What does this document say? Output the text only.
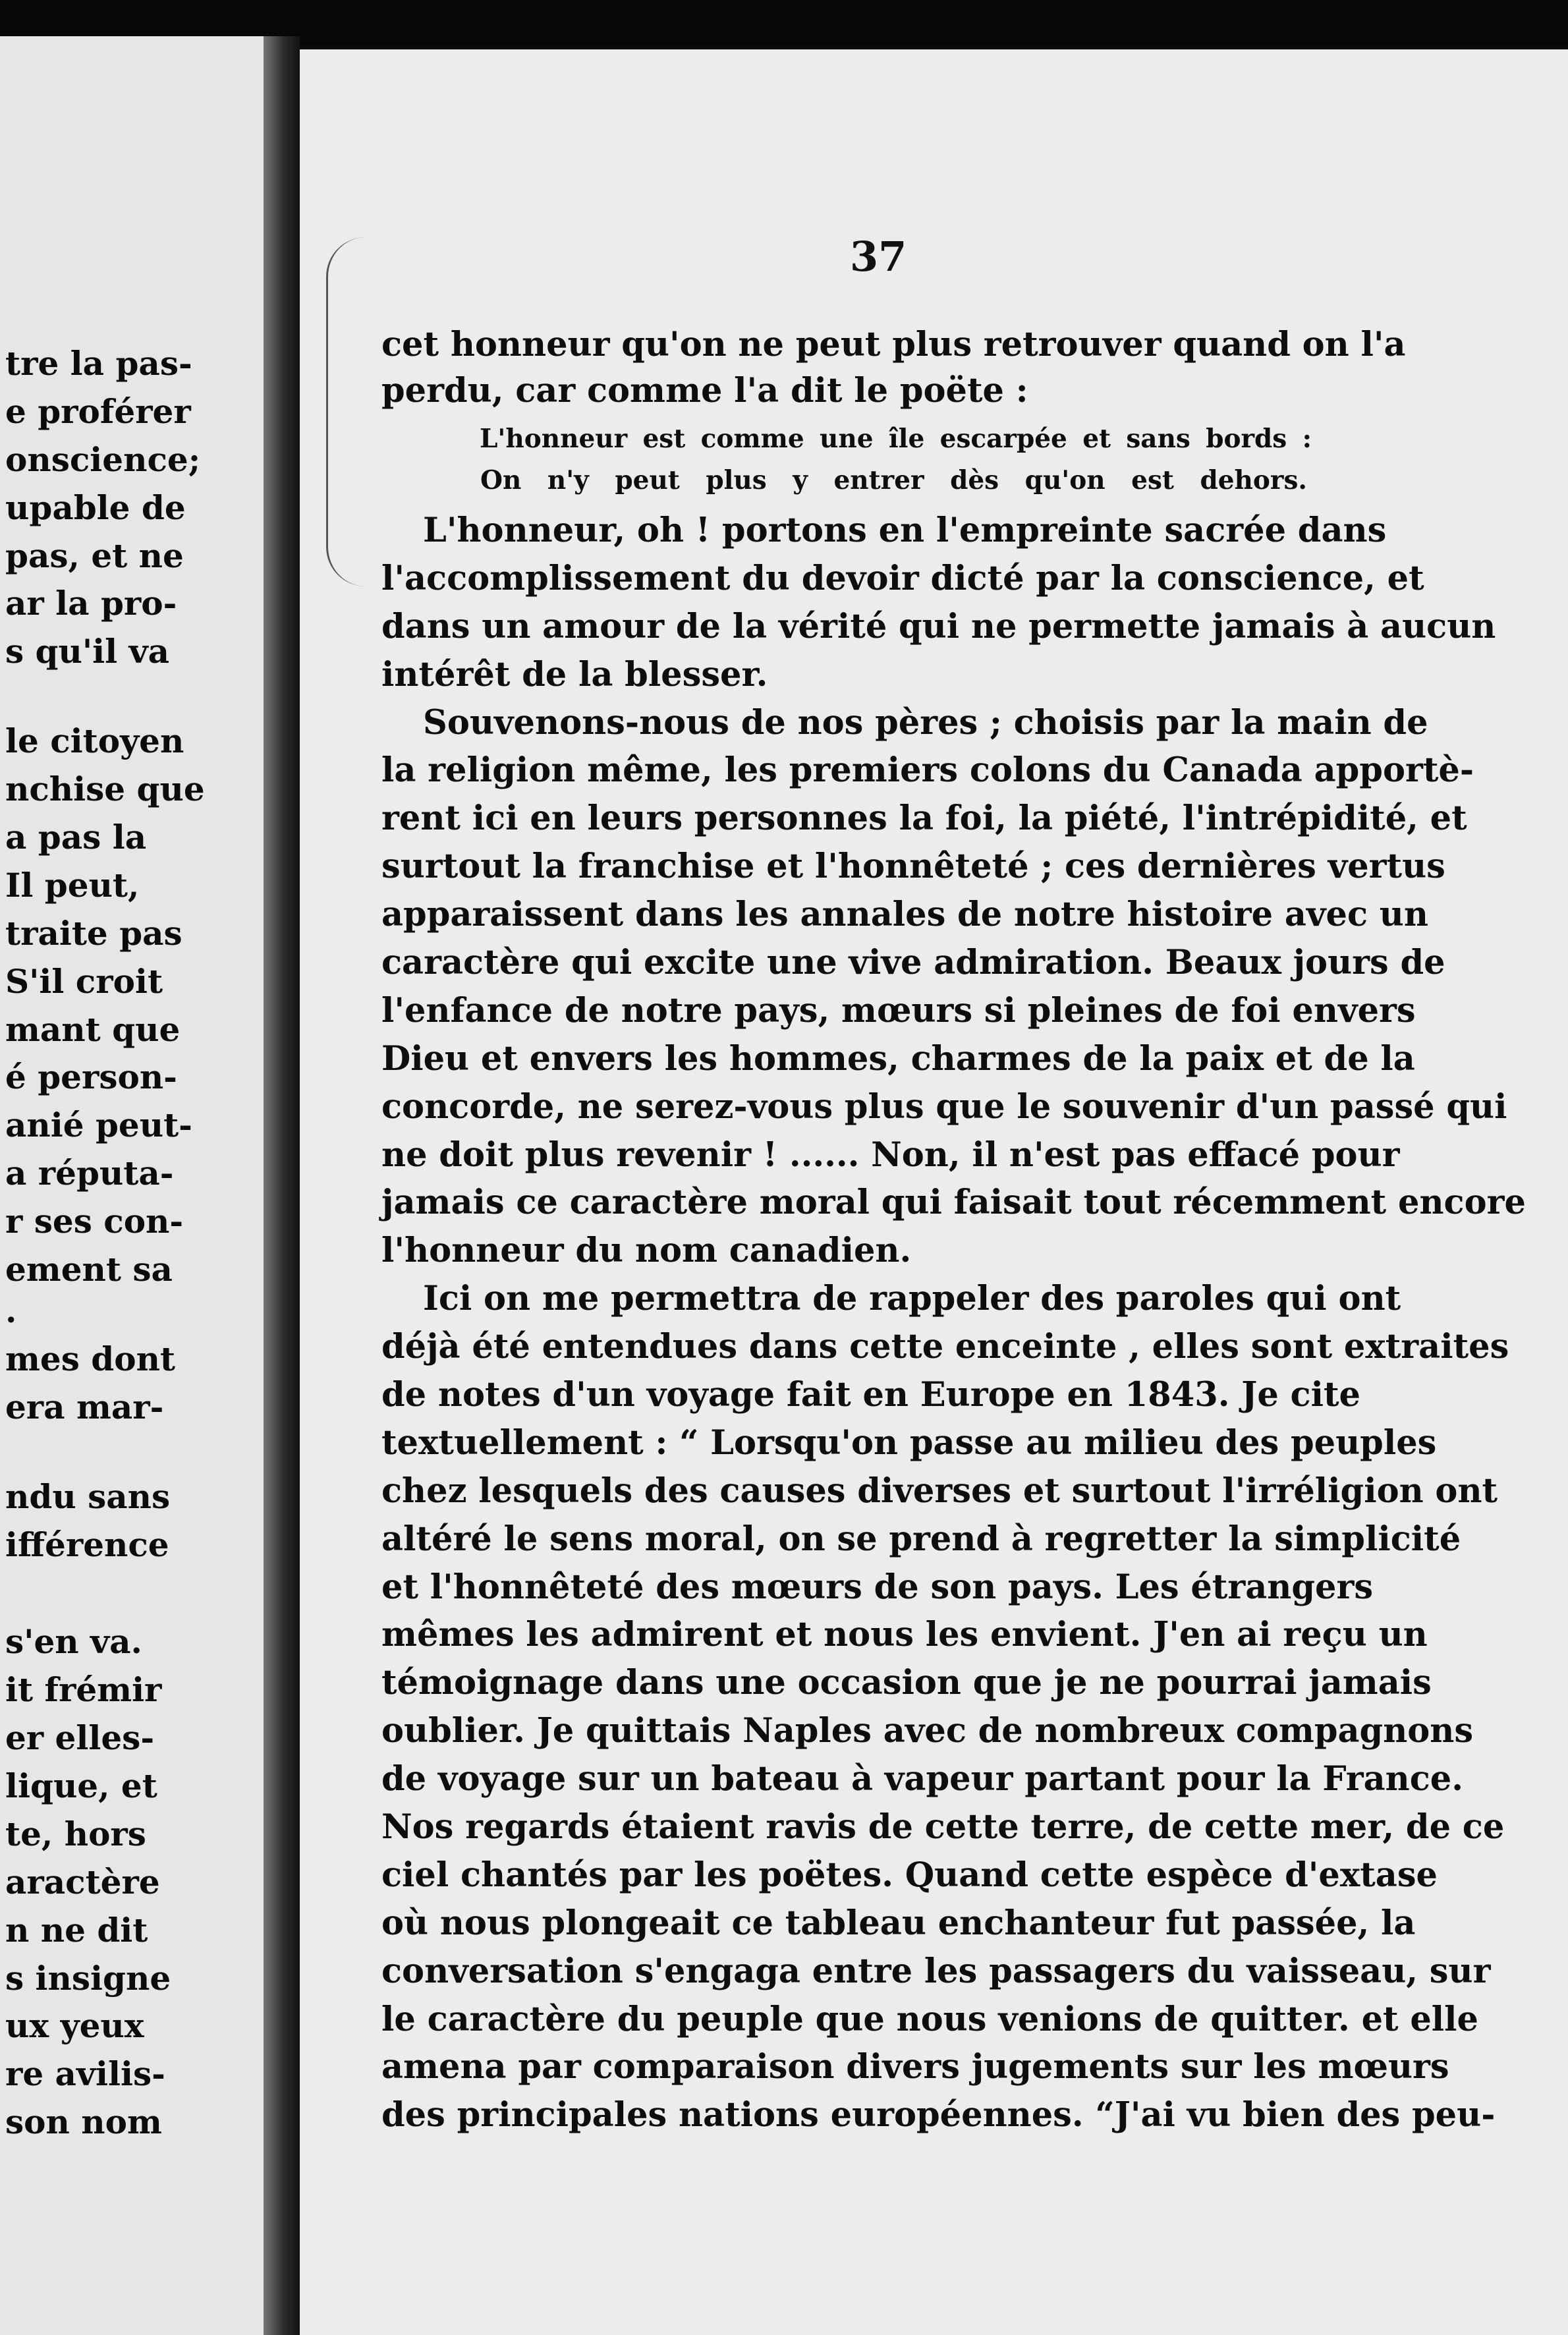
tre la pas-
e proférer
onscience;
upable de
pas, et ne
ar la pro-
s qu'il va
le citoyen
nchise que
a pas la
Il peut,
traite pas
S'il croit
mant que
é person-
anié peut-
a réputa-
r ses con-
ement sa
.
mes dont
era mar-
ndu sans
ifférence
s'en va.
it frémir
er elles-
lique, et
te, hors
aractère
n ne dit
s insigne
ux yeux
re avilis-
son nom
37
cet honneur qu'on ne peut plus retrouver quand on l'a
perdu, car comme l'a dit le poëte :
L'honneur est comme une île escarpée et sans bords :
On n'y peut plus y entrer dès qu'on est dehors.
L'honneur, oh ! portons en l'empreinte sacrée dans
l'accomplissement du devoir dicté par la conscience, et
dans un amour de la vérité qui ne permette jamais à aucun
intérêt de la blesser.
Souvenons-nous de nos pères ; choisis par la main de
la religion même, les premiers colons du Canada apportè-
rent ici en leurs personnes la foi, la piété, l'intrépidité, et
surtout la franchise et l'honnêteté ; ces dernières vertus
apparaissent dans les annales de notre histoire avec un
caractère qui excite une vive admiration. Beaux jours de
l'enfance de notre pays, mœurs si pleines de foi envers
Dieu et envers les hommes, charmes de la paix et de la
concorde, ne serez-vous plus que le souvenir d'un passé qui
ne doit plus revenir ! ...... Non, il n'est pas effacé pour
jamais ce caractère moral qui faisait tout récemment encore
l'honneur du nom canadien.
Ici on me permettra de rappeler des paroles qui ont
déjà été entendues dans cette enceinte , elles sont extraites
de notes d'un voyage fait en Europe en 1843. Je cite
textuellement : “ Lorsqu'on passe au milieu des peuples
chez lesquels des causes diverses et surtout l'irréligion ont
altéré le sens moral, on se prend à regretter la simplicité
et l'honnêteté des mœurs de son pays. Les étrangers
mêmes les admirent et nous les envient. J'en ai reçu un
témoignage dans une occasion que je ne pourrai jamais
oublier. Je quittais Naples avec de nombreux compagnons
de voyage sur un bateau à vapeur partant pour la France.
Nos regards étaient ravis de cette terre, de cette mer, de ce
ciel chantés par les poëtes. Quand cette espèce d'extase
où nous plongeait ce tableau enchanteur fut passée, la
conversation s'engaga entre les passagers du vaisseau, sur
le caractère du peuple que nous venions de quitter. et elle
amena par comparaison divers jugements sur les mœurs
des principales nations européennes. “J'ai vu bien des peu-
